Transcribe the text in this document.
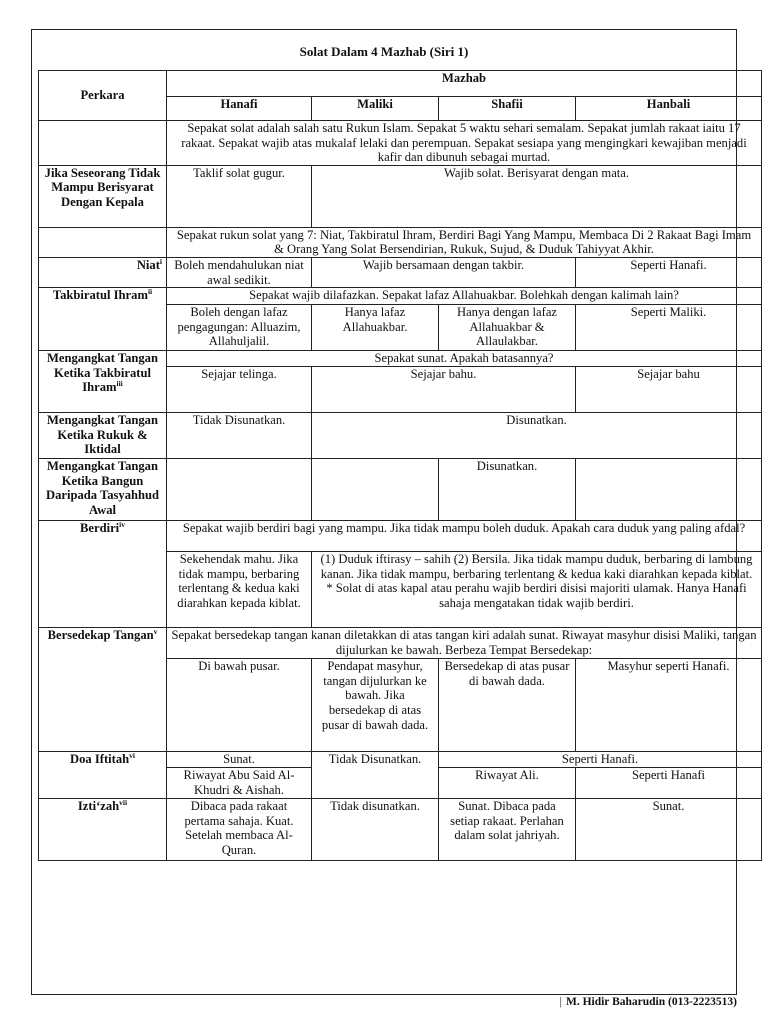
Solat Dalam 4 Mazhab (Siri 1)
Perkara	Mazhab			
	Hanafi	Maliki	Shafii	Hanbali
	Sepakat solat adalah salah satu Rukun Islam. Sepakat 5 waktu sehari semalam. Sepakat jumlah rakaat iaitu 17 rakaat. Sepakat wajib atas mukalaf lelaki dan perempuan. Sepakat sesiapa yang mengingkari kewajiban menjadi kafir dan dibunuh sebagai murtad.			
Jika Seseorang Tidak Mampu Berisyarat Dengan Kepala	Taklif solat gugur.	Wajib solat. Berisyarat dengan mata.		
	Sepakat rukun solat yang 7: Niat, Takbiratul Ihram, Berdiri Bagi Yang Mampu, Membaca Di 2 Rakaat Bagi Imam & Orang Yang Solat Bersendirian, Rukuk, Sujud, & Duduk Tahiyyat Akhir.			
Niat$^i$	Boleh mendahulukan niat awal sedikit.	Wajib bersamaan dengan takbir.		Seperti Hanafi.
Takbiratul Ihram$^{ii}$	Sepakat wajib dilafazkan. Sepakat lafaz Allahuakbar. Bolehkah dengan kalimah lain?			
	Boleh dengan lafaz pengagungan: Alluazim, Allahuljalil.	Hanya lafaz Allahuakbar.	Hanya dengan lafaz Allahuakbar & Allaulakbar.	Seperti Maliki.
Mengangkat Tangan Ketika Takbiratul Ihram$^{iii}$	Sepakat sunat. Apakah batasannya?			
	Sejajar telinga.	Sejajar bahu.		Sejajar bahu
Mengangkat Tangan Ketika Rukuk & Iktidal	Tidak Disunatkan.	Disunatkan.		
Mengangkat Tangan Ketika Bangun Daripada Tasyahhud Awal			Disunatkan.	
Berdiri$^{iv}$	Sepakat wajib berdiri bagi yang mampu. Jika tidak mampu boleh duduk. Apakah cara duduk yang paling afdal?			
	Sekehendak mahu. Jika tidak mampu, berbaring terlentang & kedua kaki diarahkan kepada kiblat.	(1) Duduk iftirasy – sahih (2) Bersila. Jika tidak mampu duduk, berbaring di lambung kanan. Jika tidak mampu, berbaring terlentang & kedua kaki diarahkan kepada kiblat.
* Solat di atas kapal atau perahu wajib berdiri disisi majoriti ulamak. Hanya Hanafi sahaja mengatakan tidak wajib berdiri.		

Bersedekap Tangan$^v$	Sepakat bersedekap tangan kanan diletakkan di atas tangan kiri adalah sunat. Riwayat masyhur disisi Maliki, tangan dijulurkan ke bawah. Berbeza Tempat Bersedekap:			
	Di bawah pusar.	Pendapat masyhur, tangan dijulurkan ke bawah. Jika bersedekap di atas pusar di bawah dada.	Bersedekap di atas pusar di bawah dada.	Masyhur seperti Hanafi.
Doa Iftitah$^{vi}$	Sunat.	Tidak Disunatkan.	Seperti Hanafi.	
	Riwayat Abu Said Al-Khudri & Aishah.		Riwayat Ali.	Seperti Hanafi
Izti‘zah$^{vii}$	Dibaca pada rakaat pertama sahaja. Kuat. Setelah membaca Al-Quran.	Tidak disunatkan.	Sunat. Dibaca pada setiap rakaat. Perlahan dalam solat jahriyah.	Sunat.
| M. Hidir Baharudin (013-2223513)
